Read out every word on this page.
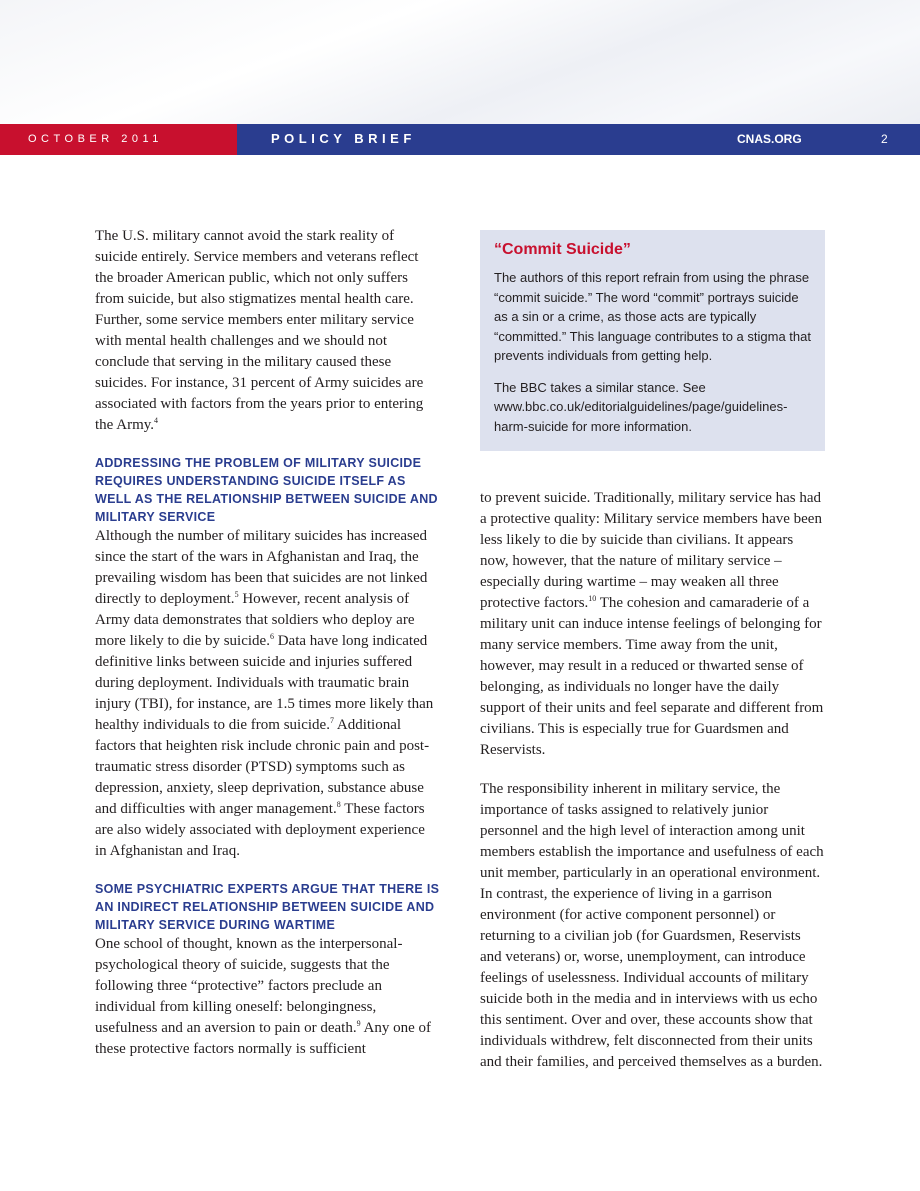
OCTOBER 2011	POLICY BRIEF	CNAS.ORG	2

The U.S. military cannot avoid the stark reality of suicide entirely. Service members and veterans reflect the broader American public, which not only suffers from suicide, but also stigmatizes mental health care. Further, some service members enter military service with mental health challenges and we should not conclude that serving in the military caused these suicides. For instance, 31 percent of Army suicides are associated with factors from the years prior to entering the Army.$^4$

ADDRESSING THE PROBLEM OF MILITARY SUICIDE REQUIRES UNDERSTANDING SUICIDE ITSELF AS WELL AS THE RELATIONSHIP BETWEEN SUICIDE AND MILITARY SERVICE

Although the number of military suicides has increased since the start of the wars in Afghanistan and Iraq, the prevailing wisdom has been that suicides are not linked directly to deployment.$^5$ However, recent analysis of Army data demonstrates that soldiers who deploy are more likely to die by suicide.$^6$ Data have long indicated definitive links between suicide and injuries suffered during deployment. Individuals with traumatic brain injury (TBI), for instance, are 1.5 times more likely than healthy individuals to die from suicide.$^7$ Additional factors that heighten risk include chronic pain and post-traumatic stress disorder (PTSD) symptoms such as depression, anxiety, sleep deprivation, substance abuse and difficulties with anger management.$^8$ These factors are also widely associated with deployment experience in Afghanistan and Iraq.

SOME PSYCHIATRIC EXPERTS ARGUE THAT THERE IS AN INDIRECT RELATIONSHIP BETWEEN SUICIDE AND MILITARY SERVICE DURING WARTIME

One school of thought, known as the interpersonal-psychological theory of suicide, suggests that the following three “protective” factors preclude an individual from killing oneself: belongingness, usefulness and an aversion to pain or death.$^9$ Any one of these protective factors normally is sufficient

“Commit Suicide”

The authors of this report refrain from using the phrase “commit suicide.” The word “commit” portrays suicide as a sin or a crime, as those acts are typically “committed.” This language contributes to a stigma that prevents individuals from getting help.

The BBC takes a similar stance. See www.bbc.co.uk/editorialguidelines/page/guidelines-harm-suicide for more information.

to prevent suicide. Traditionally, military service has had a protective quality: Military service members have been less likely to die by suicide than civilians. It appears now, however, that the nature of military service – especially during wartime – may weaken all three protective factors.$^{10}$ The cohesion and camaraderie of a military unit can induce intense feelings of belonging for many service members. Time away from the unit, however, may result in a reduced or thwarted sense of belonging, as individuals no longer have the daily support of their units and feel separate and different from civilians. This is especially true for Guardsmen and Reservists.

The responsibility inherent in military service, the importance of tasks assigned to relatively junior personnel and the high level of interaction among unit members establish the importance and usefulness of each unit member, particularly in an operational environment. In contrast, the experience of living in a garrison environment (for active component personnel) or returning to a civilian job (for Guardsmen, Reservists and veterans) or, worse, unemployment, can introduce feelings of uselessness. Individual accounts of military suicide both in the media and in interviews with us echo this sentiment. Over and over, these accounts show that individuals withdrew, felt disconnected from their units and their families, and perceived themselves as a burden.
